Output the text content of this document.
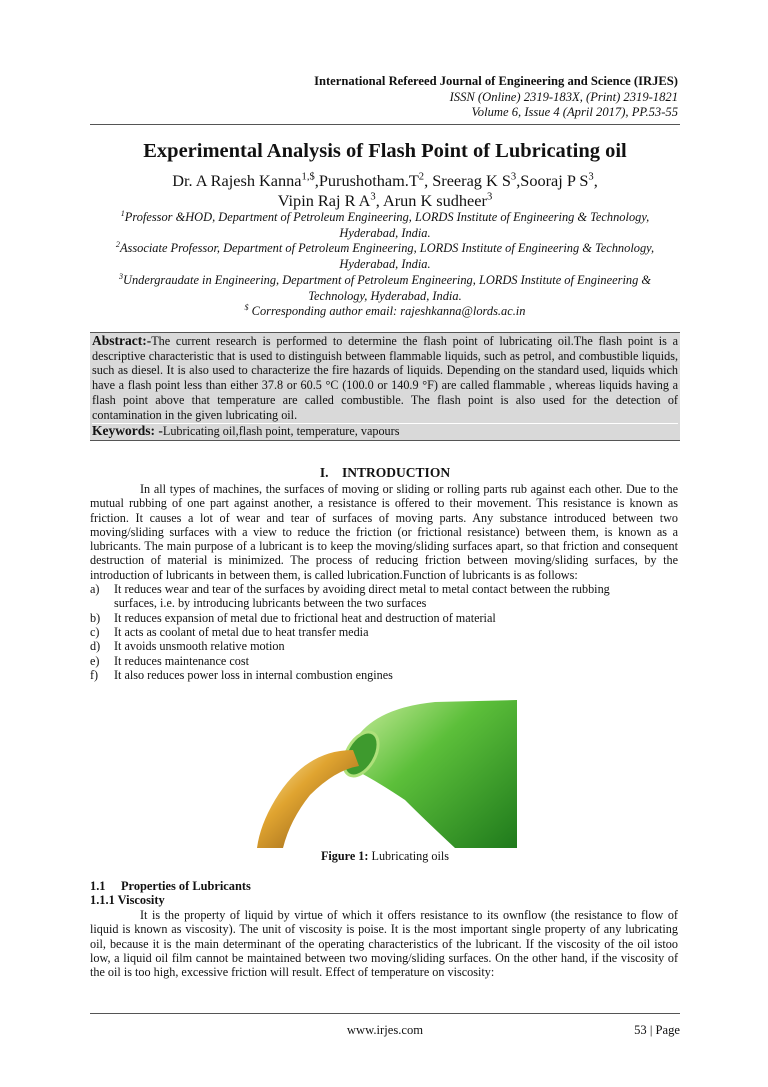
International Refereed Journal of Engineering and Science (IRJES)
ISSN (Online) 2319-183X, (Print) 2319-1821
Volume 6, Issue 4 (April 2017), PP.53-55
Experimental Analysis of Flash Point of Lubricating oil
Dr. A Rajesh $Kanna^{1,\$},Purushotham.T^2$, Sreerag K $S^3,Sooraj$ P $S^3$,
Vipin Raj R $A^3$, Arun K sudheer$^3$
$^1$Professor &HOD, Department of Petroleum Engineering, LORDS Institute of Engineering & Technology, Hyderabad, India.
$^2$Associate Professor, Department of Petroleum Engineering, LORDS Institute of Engineering & Technology, Hyderabad, India.
$^3$Undergraudate in Engineering, Department of Petroleum Engineering, LORDS Institute of Engineering & Technology, Hyderabad, India.
$ Corresponding author email: rajeshkanna@lords.ac.in
Abstract:-The current research is performed to determine the flash point of lubricating oil.The flash point is a descriptive characteristic that is used to distinguish between flammable liquids, such as petrol, and combustible liquids, such as diesel. It is also used to characterize the fire hazards of liquids. Depending on the standard used, liquids which have a flash point less than either 37.8 or 60.5 °C (100.0 or 140.9 °F) are called flammable , whereas liquids having a flash point above that temperature are called combustible. The flash point is also used for the detection of contamination in the given lubricating oil.
Keywords: -Lubricating oil,flash point, temperature, vapours
I.    INTRODUCTION
In all types of machines, the surfaces of moving or sliding or rolling parts rub against each other. Due to the mutual rubbing of one part against another, a resistance is offered to their movement. This resistance is known as friction. It causes a lot of wear and tear of surfaces of moving parts. Any substance introduced between two moving/sliding surfaces with a view to reduce the friction (or frictional resistance) between them, is known as a lubricants. The main purpose of a lubricant is to keep the moving/sliding surfaces apart, so that friction and consequent destruction of material is minimized. The process of reducing friction between moving/sliding surfaces, by the introduction of lubricants in between them, is called lubrication.Function of lubricants is as follows:
a) It reduces wear and tear of the surfaces by avoiding direct metal to metal contact between the rubbing surfaces, i.e. by introducing lubricants between the two surfaces
b) It reduces expansion of metal due to frictional heat and destruction of material
c) It acts as coolant of metal due to heat transfer media
d) It avoids unsmooth relative motion
e) It reduces maintenance cost
f) It also reduces power loss in internal combustion engines
Figure 1: Lubricating oils
1.1     Properties of Lubricants
1.1.1 Viscosity
It is the property of liquid by virtue of which it offers resistance to its ownflow (the resistance to flow of liquid is known as viscosity). The unit of viscosity is poise. It is the most important single property of any lubricating oil, because it is the main determinant of the operating characteristics of the lubricant. If the viscosity of the oil istoo low, a liquid oil film cannot be maintained between two moving/sliding surfaces. On the other hand, if the viscosity of the oil is too high, excessive friction will result. Effect of temperature on viscosity:
www.irjes.com	53 | Page
